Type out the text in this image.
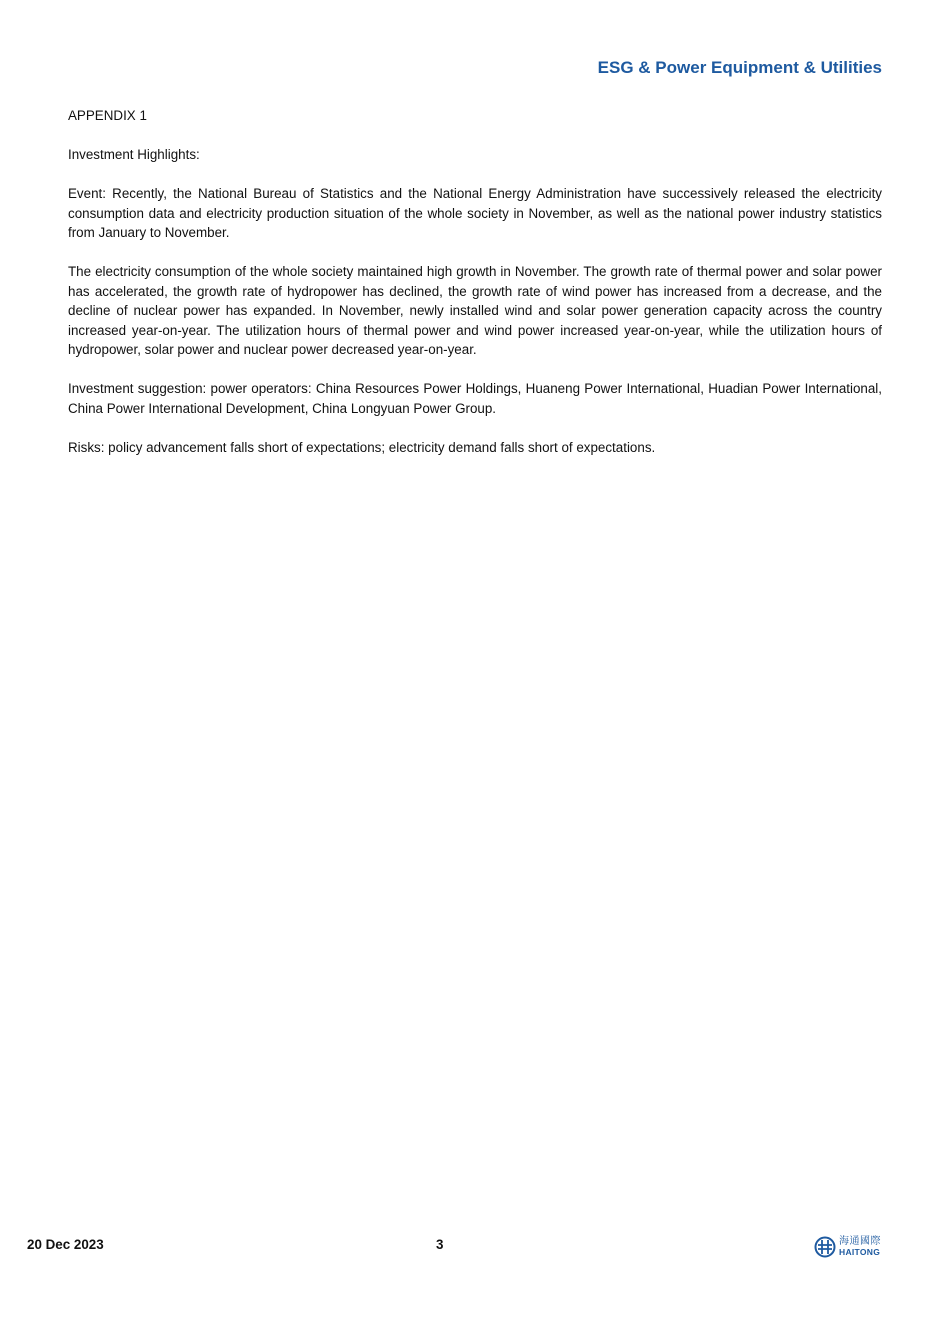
ESG & Power Equipment & Utilities

APPENDIX 1

Investment Highlights:

Event: Recently, the National Bureau of Statistics and the National Energy Administration have successively released the electricity consumption data and electricity production situation of the whole society in November, as well as the national power industry statistics from January to November.

The electricity consumption of the whole society maintained high growth in November. The growth rate of thermal power and solar power has accelerated, the growth rate of hydropower has declined, the growth rate of wind power has increased from a decrease, and the decline of nuclear power has expanded. In November, newly installed wind and solar power generation capacity across the country increased year-on-year. The utilization hours of thermal power and wind power increased year-on-year, while the utilization hours of hydropower, solar power and nuclear power decreased year-on-year.

Investment suggestion: power operators: China Resources Power Holdings, Huaneng Power International, Huadian Power International, China Power International Development, China Longyuan Power Group.

Risks: policy advancement falls short of expectations; electricity demand falls short of expectations.

20 Dec 2023	3	海通國際
HAITONG
